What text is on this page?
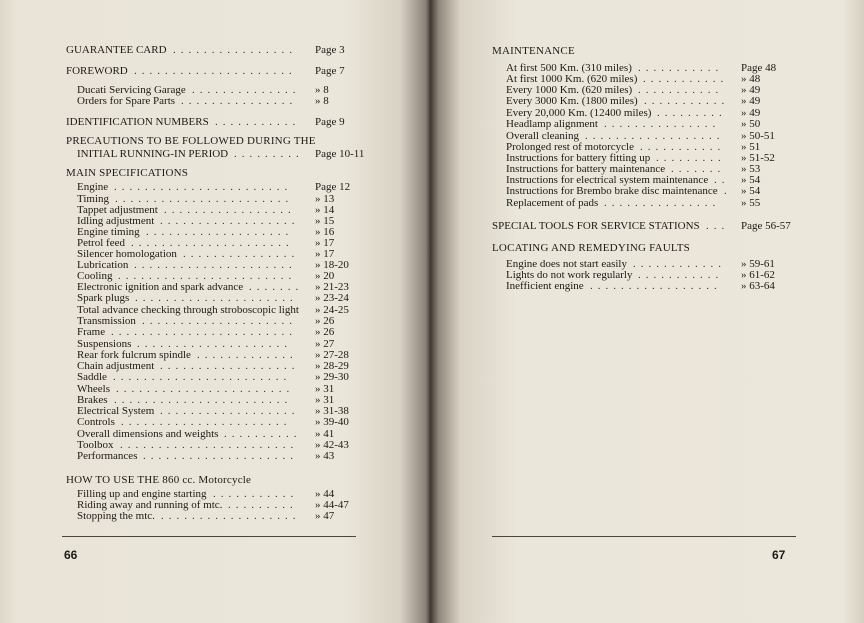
GUARANTEE CARD ................	Page 3
FOREWORD .....................	Page 7
Ducati Servicing Garage ..............	» 8
Orders for Spare Parts ...............	» 8
IDENTIFICATION NUMBERS ...........	Page 9
PRECAUTIONS TO BE FOLLOWED DURING THE
INITIAL RUNNING-IN PERIOD .........	Page 10-11
MAIN SPECIFICATIONS
Engine .......................	Page 12
Timing .......................	» 13
Tappet adjustment .................	» 14
Idling adjustment ..................	» 15
Engine timing ...................	» 16
Petrol feed .....................	» 17
Silencer homologation ...............	» 17
Lubrication .....................	» 18-20
Cooling .......................	» 20
Electronic ignition and spark advance .......	» 21-23
Spark plugs .....................	» 23-24
Total advance checking through stroboscopic light » 24-25
Transmission ....................	» 26
Frame ........................	» 26
Suspensions ....................	» 27
Rear fork fulcrum spindle .............	» 27-28
Chain adjustment ..................	» 28-29
Saddle .......................	» 29-30
Wheels .......................	» 31
Brakes .......................	» 31
Electrical System ..................	» 31-38
Controls ......................	» 39-40
Overall dimensions and weights ..........	» 41
Toolbox .......................	» 42-43
Performances ....................	» 43
HOW TO USE THE 860 cc. Motorcycle
Filling up and engine starting ...........	» 44
Riding away and running of mtc. .........	» 44-47
Stopping the mtc. ..................	» 47
66
MAINTENANCE
At first 500 Km. (310 miles) ...........	Page 48
At first 1000 Km. (620 miles) ...........	» 48
Every 1000 Km. (620 miles) ...........	» 49
Every 3000 Km. (1800 miles) ...........	» 49
Every 20,000 Km. (12400 miles) .........	» 49
Headlamp alignment ...............	» 50
Overall cleaning ..................	» 50-51
Prolonged rest of motorcycle ...........	» 51
Instructions for battery fitting up .........	» 51-52
Instructions for battery maintenance .......	» 53
Instructions for electrical system maintenance ..	» 54
Instructions for Brembo brake disc maintenance . » 54
Replacement of pads ...............	» 55
SPECIAL TOOLS FOR SERVICE STATIONS ...	Page 56-57
LOCATING AND REMEDYING FAULTS
Engine does not start easily ............	» 59-61
Lights do not work regularly ...........	» 61-62
Inefficient engine .................	» 63-64
67
